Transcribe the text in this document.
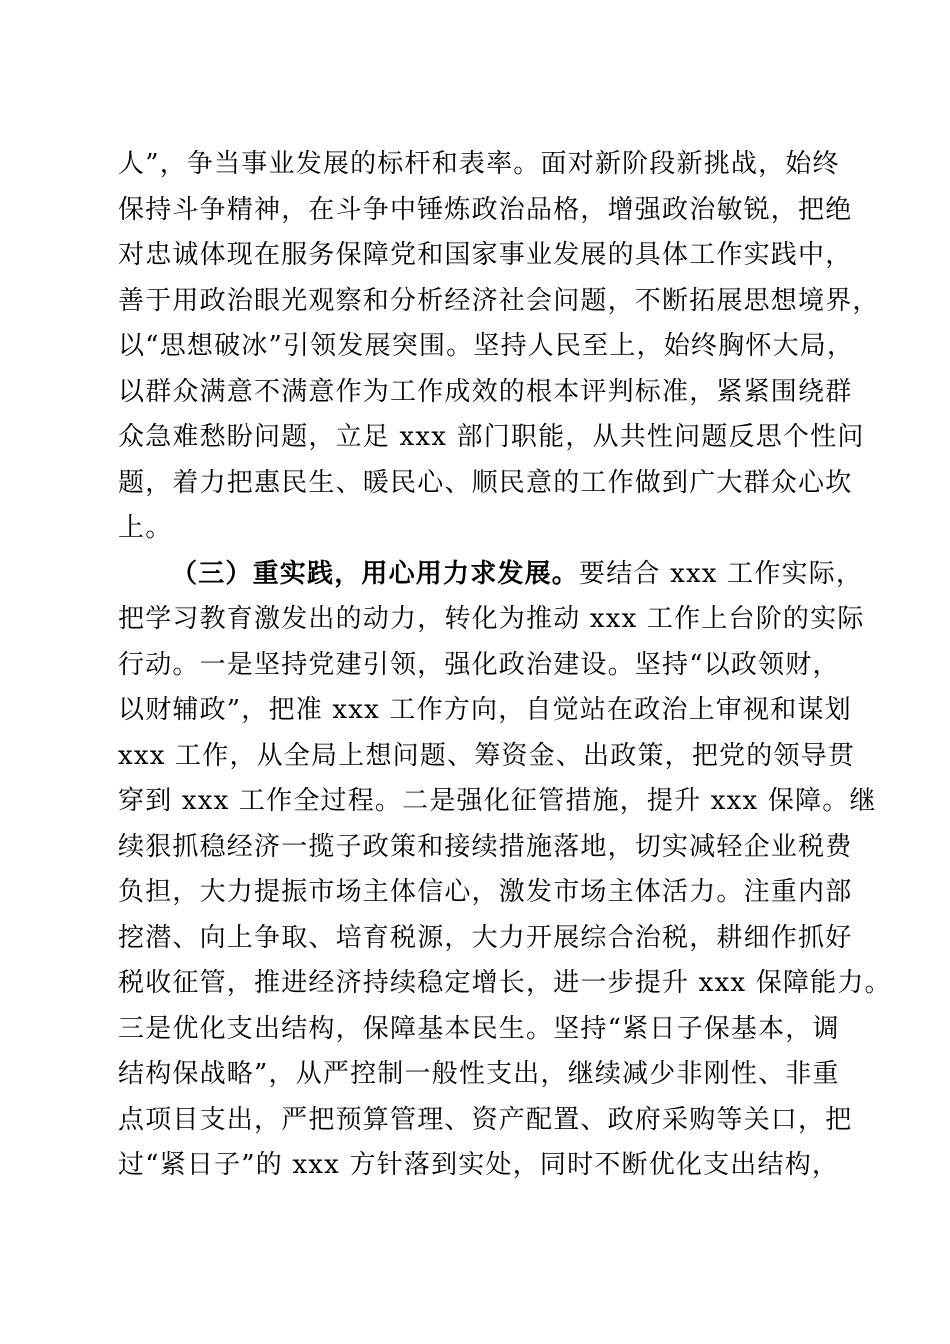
人”，争当事业发展的标杆和表率。面对新阶段新挑战，始终
保持斗争精神，在斗争中锤炼政治品格，增强政治敏锐，把绝
对忠诚体现在服务保障党和国家事业发展的具体工作实践中，
善于用政治眼光观察和分析经济社会问题，不断拓展思想境界，
以“思想破冰”引领发展突围。坚持人民至上，始终胸怀大局，
以群众满意不满意作为工作成效的根本评判标准，紧紧围绕群
众急难愁盼问题，立足 xxx 部门职能，从共性问题反思个性问
题，着力把惠民生、暖民心、顺民意的工作做到广大群众心坎
上。
（三）重实践，用心用力求发展。要结合 xxx 工作实际，
把学习教育激发出的动力，转化为推动 xxx 工作上台阶的实际
行动。一是坚持党建引领，强化政治建设。坚持“以政领财，
以财辅政”，把准 xxx 工作方向，自觉站在政治上审视和谋划
xxx 工作，从全局上想问题、筹资金、出政策，把党的领导贯
穿到 xxx 工作全过程。二是强化征管措施，提升 xxx 保障。继
续狠抓稳经济一揽子政策和接续措施落地，切实减轻企业税费
负担，大力提振市场主体信心，激发市场主体活力。注重内部
挖潜、向上争取、培育税源，大力开展综合治税，耕细作抓好
税收征管，推进经济持续稳定增长，进一步提升 xxx 保障能力。
三是优化支出结构，保障基本民生。坚持“紧日子保基本，调
结构保战略”，从严控制一般性支出，继续减少非刚性、非重
点项目支出，严把预算管理、资产配置、政府采购等关口，把
过“紧日子”的 xxx 方针落到实处，同时不断优化支出结构，
